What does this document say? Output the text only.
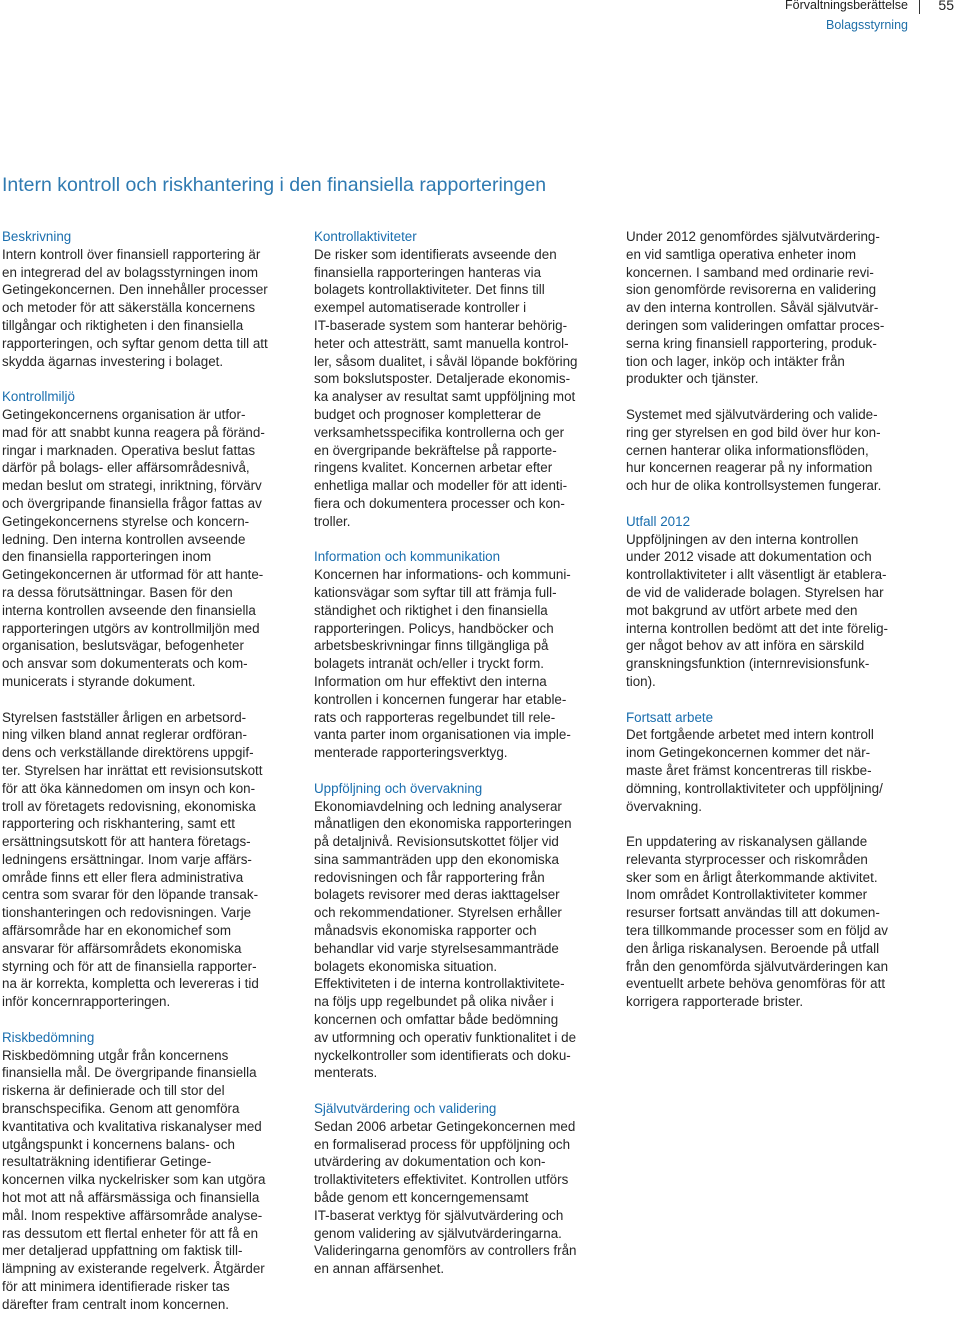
Förvaltningsberättelse
Bolagsstyrning
55
Intern kontroll och riskhantering i den finansiella rapporteringen
Beskrivning

Intern kontroll över finansiell rapportering är
en integrerad del av bolagsstyrningen inom
Getingekoncernen. Den innehåller processer
och metoder för att säkerställa koncernens
tillgångar och riktigheten i den finansiella
rapporteringen, och syftar genom detta till att
skydda ägarnas investering i bolaget.

Kontrollmiljö

Getingekoncernens organisation är utfor-
mad för att snabbt kunna reagera på föränd-
ringar i marknaden. Operativa beslut fattas
därför på bolags- eller affärsområdesnivå,
medan beslut om strategi, inriktning, förvärv
och övergripande finansiella frågor fattas av
Getingekoncernens styrelse och koncern-
ledning. Den interna kontrollen avseende
den finansiella rapporteringen inom
Getingekoncernen är utformad för att hante-
ra dessa förutsättningar. Basen för den
interna kontrollen avseende den finansiella
rapporteringen utgörs av kontrollmiljön med
organisation, beslutsvägar, befogenheter
och ansvar som dokumenterats och kom-
municerats i styrande dokument.

Styrelsen fastställer årligen en arbetsord-
ning vilken bland annat reglerar ordföran-
dens och verkställande direktörens uppgif-
ter. Styrelsen har inrättat ett revisionsutskott
för att öka kännedomen om insyn och kon-
troll av företagets redovisning, ekonomiska
rapportering och riskhantering, samt ett
ersättningsutskott för att hantera företags-
ledningens ersättningar. Inom varje affärs-
område finns ett eller flera administrativa
centra som svarar för den löpande transak-
tionshanteringen och redovisningen. Varje
affärsområde har en ekonomichef som
ansvarar för affärsområdets ekonomiska
styrning och för att de finansiella rapporter-
na är korrekta, kompletta och levereras i tid
inför koncernrapporteringen.

Riskbedömning

Riskbedömning utgår från koncernens
finansiella mål. De övergripande finansiella
riskerna är definierade och till stor del
branschspecifika. Genom att genomföra
kvantitativa och kvalitativa riskanalyser med
utgångspunkt i koncernens balans- och
resultaträkning identifierar Getinge-
koncernen vilka nyckelrisker som kan utgöra
hot mot att nå affärsmässiga och finansiella
mål. Inom respektive affärsområde analyse-
ras dessutom ett flertal enheter för att få en
mer detaljerad uppfattning om faktisk till-
lämpning av existerande regelverk. Åtgärder
för att minimera identifierade risker tas
därefter fram centralt inom koncernen.

Kontrollaktiviteter

De risker som identifierats avseende den
finansiella rapporteringen hanteras via
bolagets kontrollaktiviteter. Det finns till
exempel automatiserade kontroller i
IT-baserade system som hanterar behörig-
heter och attesträtt, samt manuella kontrol-
ler, såsom dualitet, i såväl löpande bokföring
som bokslutsposter. Detaljerade ekonomis-
ka analyser av resultat samt uppföljning mot
budget och prognoser kompletterar de
verksamhetsspecifika kontrollerna och ger
en övergripande bekräftelse på rapporte-
ringens kvalitet. Koncernen arbetar efter
enhetliga mallar och modeller för att identi-
fiera och dokumentera processer och kon-
troller.

Information och kommunikation

Koncernen har informations- och kommuni-
kationsvägar som syftar till att främja full-
ständighet och riktighet i den finansiella
rapporteringen. Policys, handböcker och
arbetsbeskrivningar finns tillgängliga på
bolagets intranät och/eller i tryckt form.
Information om hur effektivt den interna
kontrollen i koncernen fungerar har etable-
rats och rapporteras regelbundet till rele-
vanta parter inom organisationen via imple-
menterade rapporteringsverktyg.

Uppföljning och övervakning

Ekonomiavdelning och ledning analyserar
månatligen den ekonomiska rapporteringen
på detaljnivå. Revisionsutskottet följer vid
sina sammanträden upp den ekonomiska
redovisningen och får rapportering från
bolagets revisorer med deras iakttagelser
och rekommendationer. Styrelsen erhåller
månadsvis ekonomiska rapporter och
behandlar vid varje styrelsesammanträde
bolagets ekonomiska situation.
Effektiviteten i de interna kontrollaktivitete-
na följs upp regelbundet på olika nivåer i
koncernen och omfattar både bedömning
av utformning och operativ funktionalitet i de
nyckelkontroller som identifierats och doku-
menterats.

Självutvärdering och validering

Sedan 2006 arbetar Getingekoncernen med
en formaliserad process för uppföljning och
utvärdering av dokumentation och kon-
trollaktiviteters effektivitet. Kontrollen utförs
både genom ett koncerngemensamt
IT-baserat verktyg för självutvärdering och
genom validering av självutvärderingarna.
Valideringarna genomförs av controllers från
en annan affärsenhet.

Under 2012 genomfördes självutvärdering-
en vid samtliga operativa enheter inom
koncernen. I samband med ordinarie revi-
sion genomförde revisorerna en validering
av den interna kontrollen. Såväl självutvär-
deringen som valideringen omfattar proces-
serna kring finansiell rapportering, produk-
tion och lager, inköp och intäkter från
produkter och tjänster.

Systemet med självutvärdering och valide-
ring ger styrelsen en god bild över hur kon-
cernen hanterar olika informationsflöden,
hur koncernen reagerar på ny information
och hur de olika kontrollsystemen fungerar.

Utfall 2012

Uppföljningen av den interna kontrollen
under 2012 visade att dokumentation och
kontrollaktiviteter i allt väsentligt är etablera-
de vid de validerade bolagen. Styrelsen har
mot bakgrund av utfört arbete med den
interna kontrollen bedömt att det inte förelig-
ger något behov av att införa en särskild
granskningsfunktion (internrevisionsfunk-
tion).

Fortsatt arbete

Det fortgående arbetet med intern kontroll
inom Getingekoncernen kommer det när-
maste året främst koncentreras till riskbe-
dömning, kontrollaktiviteter och uppföljning/
övervakning.

En uppdatering av riskanalysen gällande
relevanta styrprocesser och riskområden
sker som en årligt återkommande aktivitet.
Inom området Kontrollaktiviteter kommer
resurser fortsatt användas till att dokumen-
tera tillkommande processer som en följd av
den årliga riskanalysen. Beroende på utfall
från den genomförda självutvärderingen kan
eventuellt arbete behöva genomföras för att
korrigera rapporterade brister.
